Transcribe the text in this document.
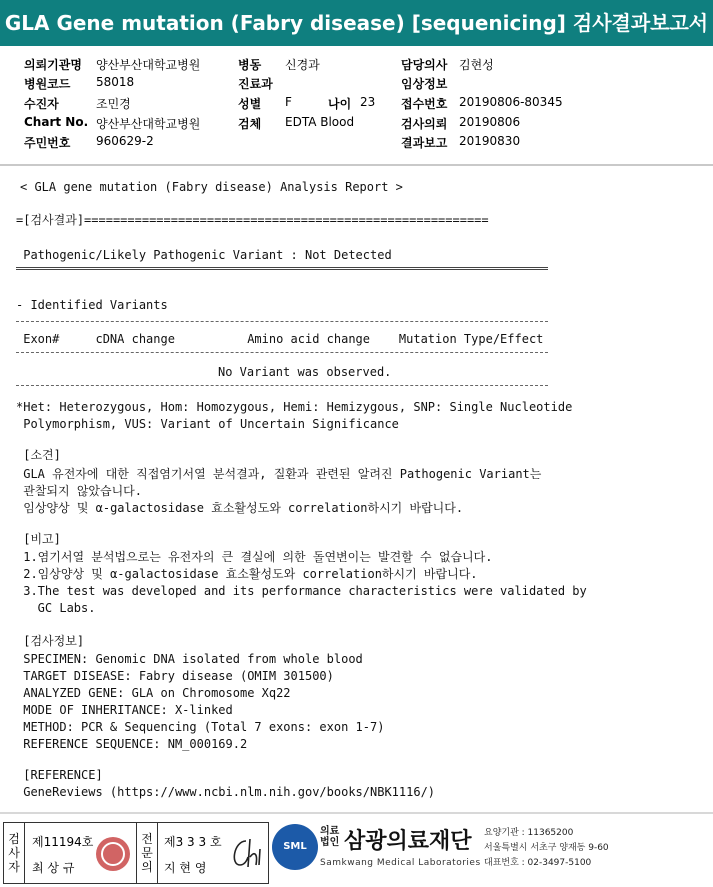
GLA Gene mutation (Fabry disease) [sequenicing] 검사결과보고서
의뢰기관명 양산부산대학교병원
병원코드 58018
수진자	조민경
Chart No. 양산부산대학교병원
주민번호 960629-2
병동 신경과
진료과
성별 F	나이 23
검체 EDTA Blood
담당의사 김현성
임상정보
접수번호 20190806-80345
검사의뢰 20190806
결과보고 20190830
< GLA gene mutation (Fabry disease) Analysis Report >
=[검사결과]========================================================
Pathogenic/Likely Pathogenic Variant : Not Detected
- Identified Variants
Exon#     cDNA change          Amino acid change    Mutation Type/Effect
No Variant was observed.
*Het: Heterozygous, Hom: Homozygous, Hemi: Hemizygous, SNP: Single Nucleotide
Polymorphism, VUS: Variant of Uncertain Significance
[소견]
GLA 유전자에 대한 직접염기서열 분석결과, 질환과 관련된 알려진 Pathogenic Variant는
관찰되지 않았습니다.
임상양상 및 α-galactosidase 효소활성도와 correlation하시기 바랍니다.
[비고]
1.염기서열 분석법으로는 유전자의 큰 결실에 의한 돌연변이는 발견할 수 없습니다.
2.임상양상 및 α-galactosidase 효소활성도와 correlation하시기 바랍니다.
3.The test was developed and its performance characteristics were validated by
GC Labs.
[검사정보]
SPECIMEN: Genomic DNA isolated from whole blood
TARGET DISEASE: Fabry disease (OMIM 301500)
ANALYZED GENE: GLA on Chromosome Xq22
MODE OF INHERITANCE: X-linked
METHOD: PCR & Sequencing (Total 7 exons: exon 1-7)
REFERENCE SEQUENCE: NM_000169.2
[REFERENCE]
GeneReviews (https://www.ncbi.nlm.nih.gov/books/NBK1116/)
검사자
제11194호
최 상 규
전문의
제3 3 3 호
지 현 영
SML
의료법인 삼광의료재단
Samkwang Medical Laboratories
요양기관 : 11365200
서울특별시 서초구 양재동 9-60
대표번호 : 02-3497-5100
